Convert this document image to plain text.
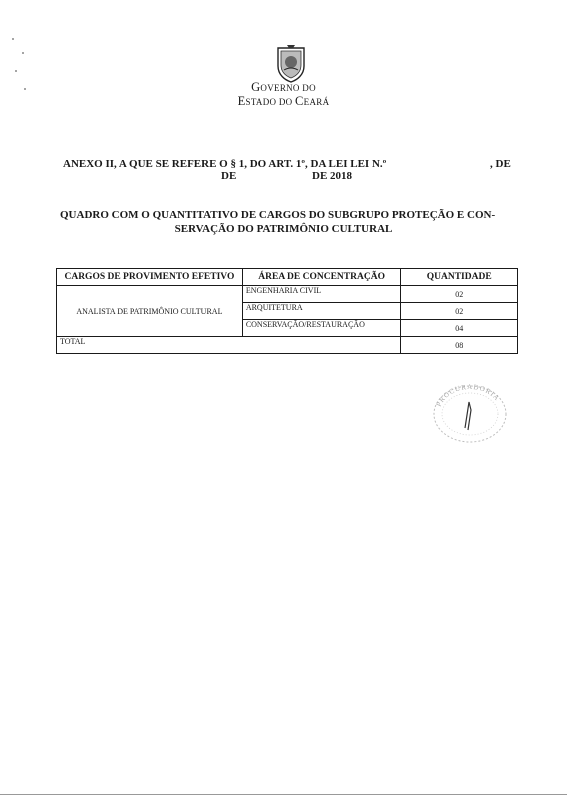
GOVERNO DO
ESTADO DO CEARÁ
ANEXO II, A QUE SE REFERE O § 1, DO ART. 1º, DA LEI LEI N.º	, DE
DE	DE 2018
QUADRO COM O QUANTITATIVO DE CARGOS DO SUBGRUPO PROTEÇÃO E CON-
SERVAÇÃO DO PATRIMÔNIO CULTURAL
CARGOS DE PROVIMENTO EFETIVO	ÁREA DE CONCENTRAÇÃO	QUANTIDADE
ANALISTA DE PATRIMÔNIO CULTURAL	ENGENHARIA CIVIL	02
	ARQUITETURA	02
	CONSERVAÇÃO/RESTAURAÇÃO	04
TOTAL		08
PROCURADORIA
